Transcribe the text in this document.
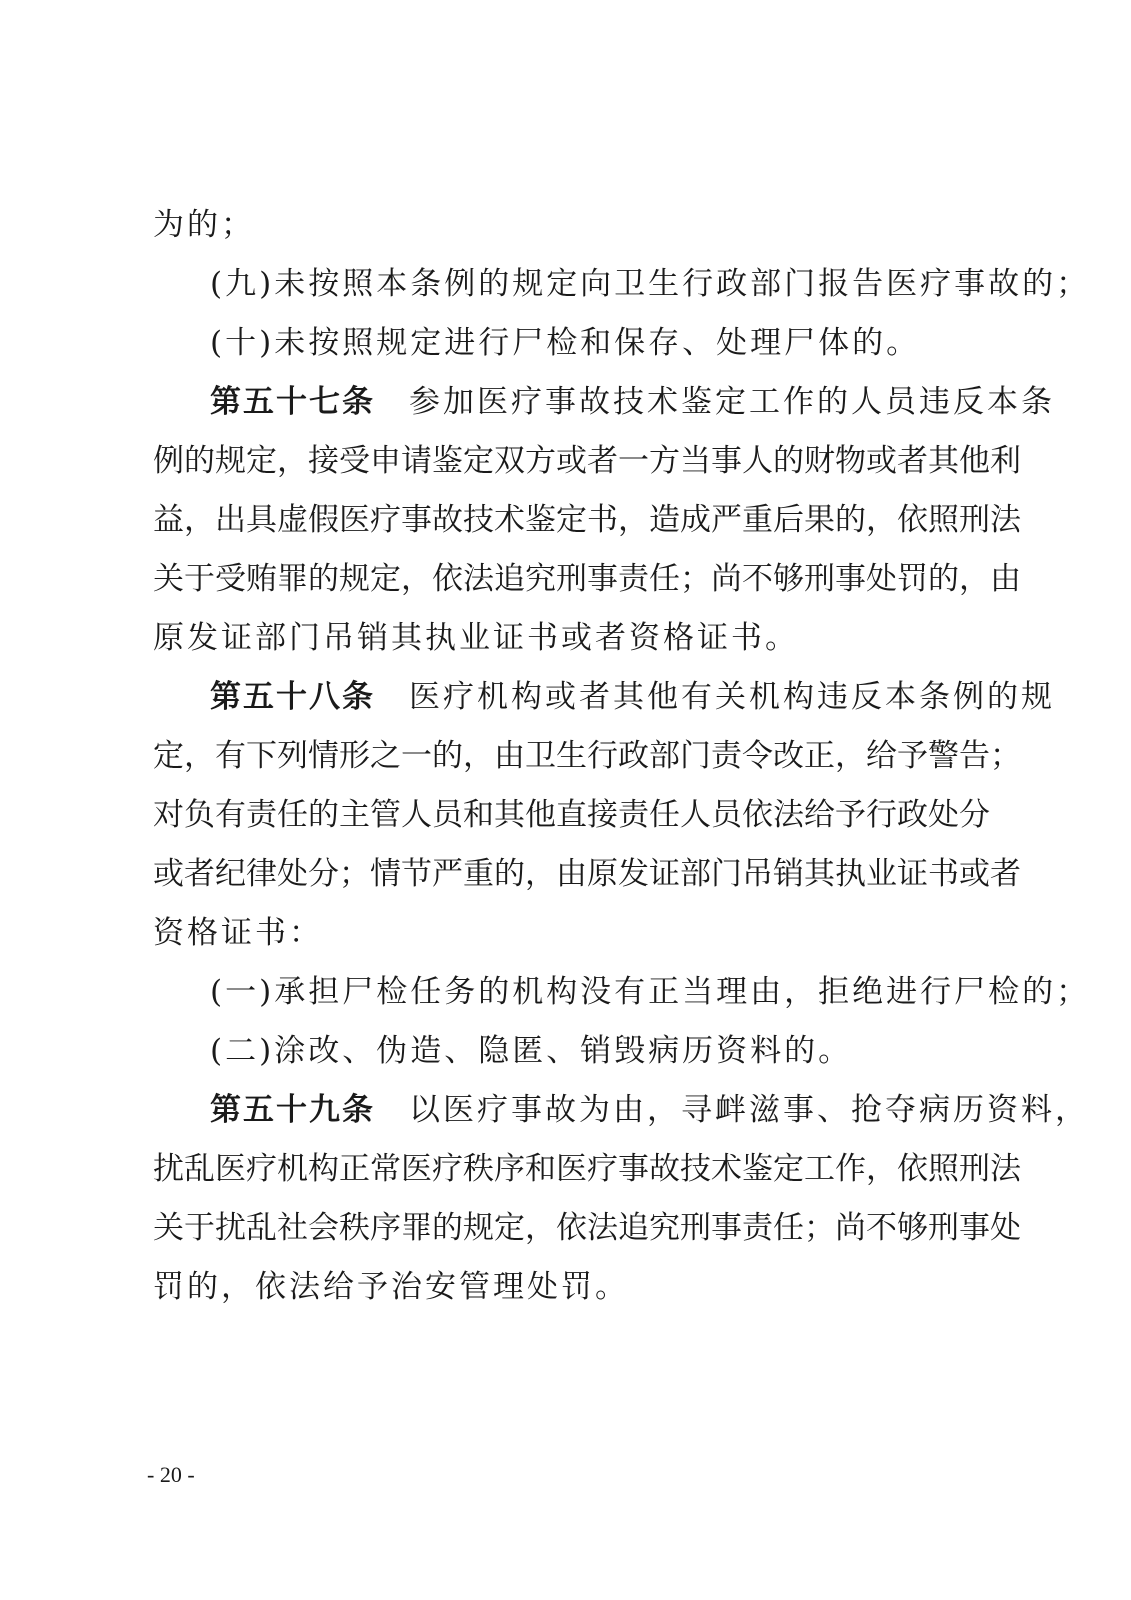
为的；
(九)未按照本条例的规定向卫生行政部门报告医疗事故的；
(十)未按照规定进行尸检和保存、处理尸体的。
第五十七条 参加医疗事故技术鉴定工作的人员违反本条
例的规定，接受申请鉴定双方或者一方当事人的财物或者其他利
益，出具虚假医疗事故技术鉴定书，造成严重后果的，依照刑法
关于受贿罪的规定，依法追究刑事责任；尚不够刑事处罚的，由
原发证部门吊销其执业证书或者资格证书。
第五十八条 医疗机构或者其他有关机构违反本条例的规
定，有下列情形之一的，由卫生行政部门责令改正，给予警告；
对负有责任的主管人员和其他直接责任人员依法给予行政处分
或者纪律处分；情节严重的，由原发证部门吊销其执业证书或者
资格证书：
(一)承担尸检任务的机构没有正当理由，拒绝进行尸检的；
(二)涂改、伪造、隐匿、销毁病历资料的。
第五十九条 以医疗事故为由，寻衅滋事、抢夺病历资料，
扰乱医疗机构正常医疗秩序和医疗事故技术鉴定工作，依照刑法
关于扰乱社会秩序罪的规定，依法追究刑事责任；尚不够刑事处
罚的，依法给予治安管理处罚。
- 20 -
